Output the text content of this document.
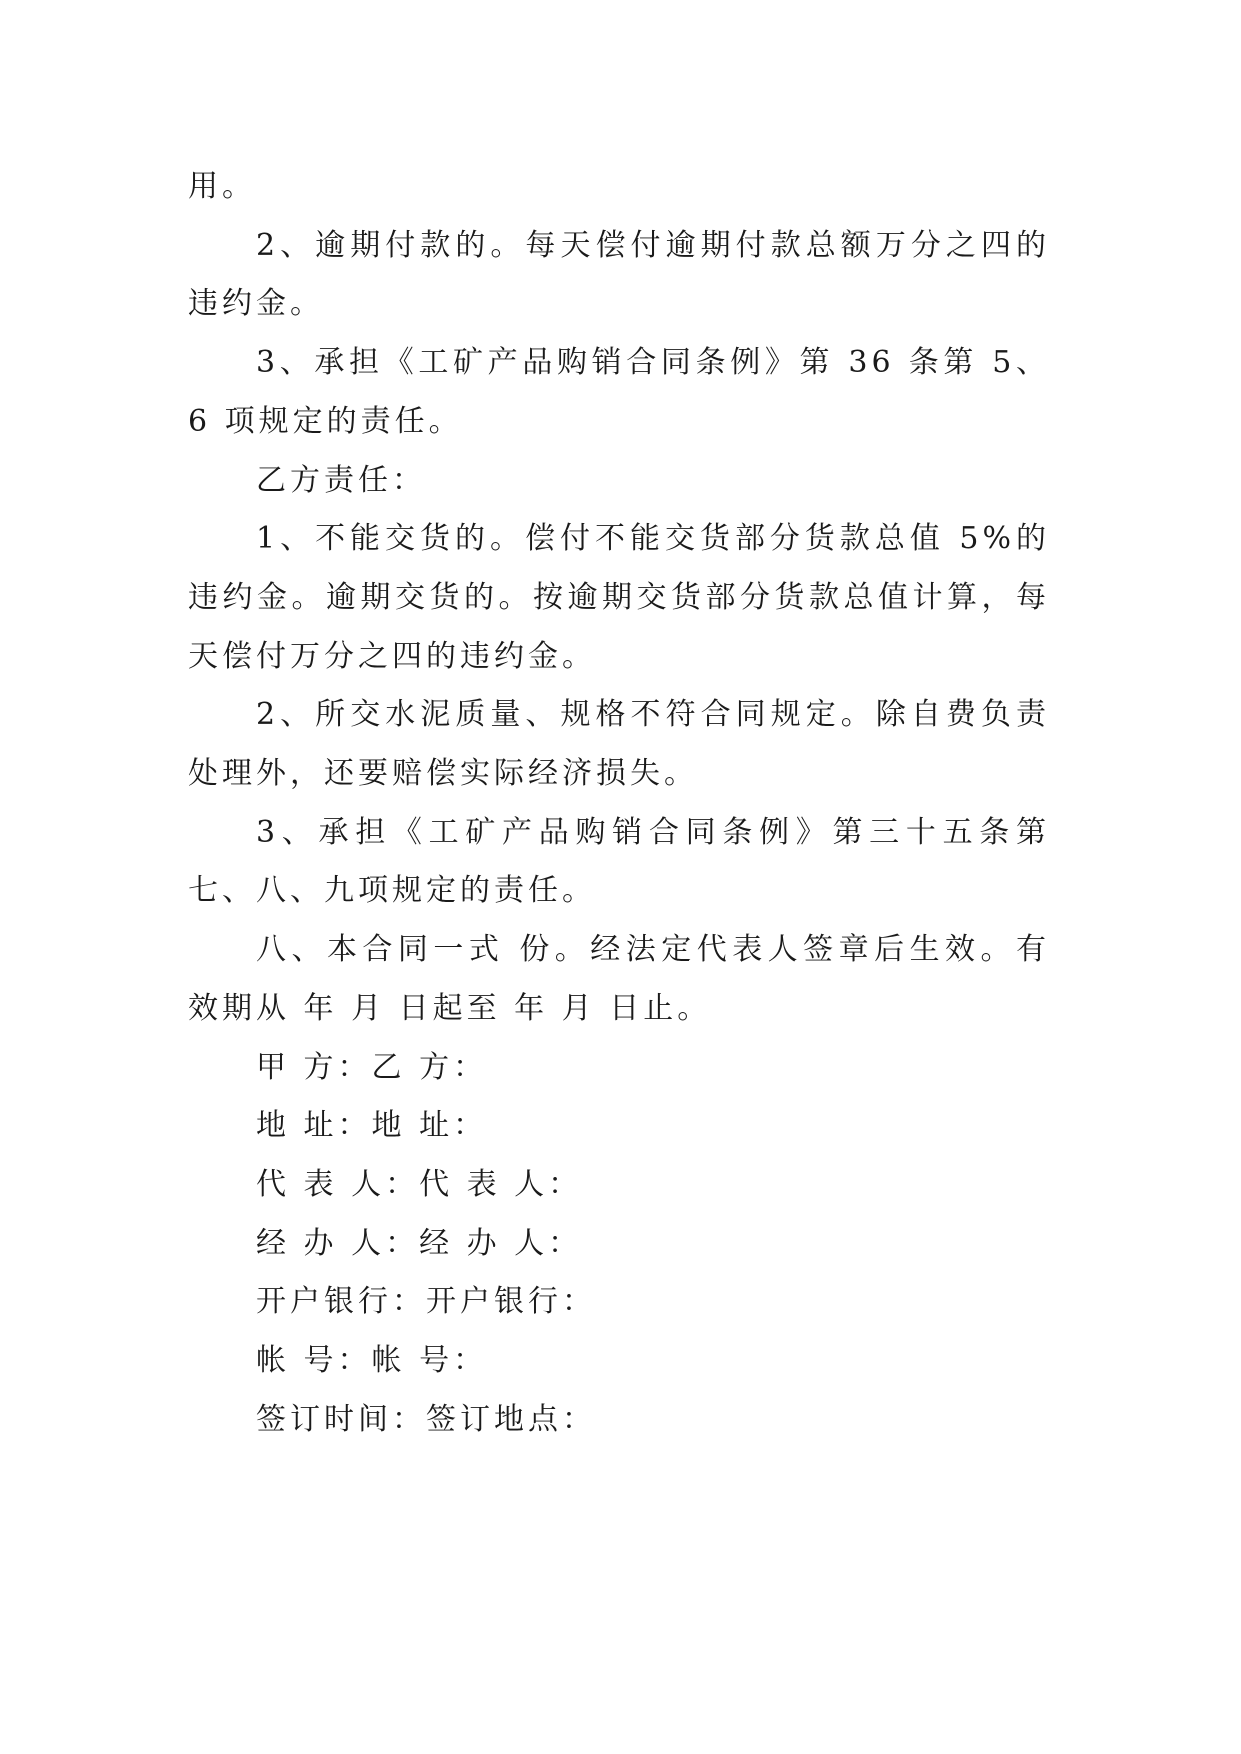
用。

2、逾期付款的。每天偿付逾期付款总额万分之四的违约金。

3、承担《工矿产品购销合同条例》第 36 条第 5、6 项规定的责任。

乙方责任：

1、不能交货的。偿付不能交货部分货款总值 5%的违约金。逾期交货的。按逾期交货部分货款总值计算，每天偿付万分之四的违约金。

2、所交水泥质量、规格不符合同规定。除自费负责处理外，还要赔偿实际经济损失。

3、承担《工矿产品购销合同条例》第三十五条第七、八、九项规定的责任。

八、本合同一式 份。经法定代表人签章后生效。有效期从 年 月 日起至 年 月 日止。

甲 方：乙 方：

地 址：地 址：

代 表 人：代 表 人：

经 办 人：经 办 人：

开户银行：开户银行：

帐 号：帐 号：

签订时间：签订地点：
